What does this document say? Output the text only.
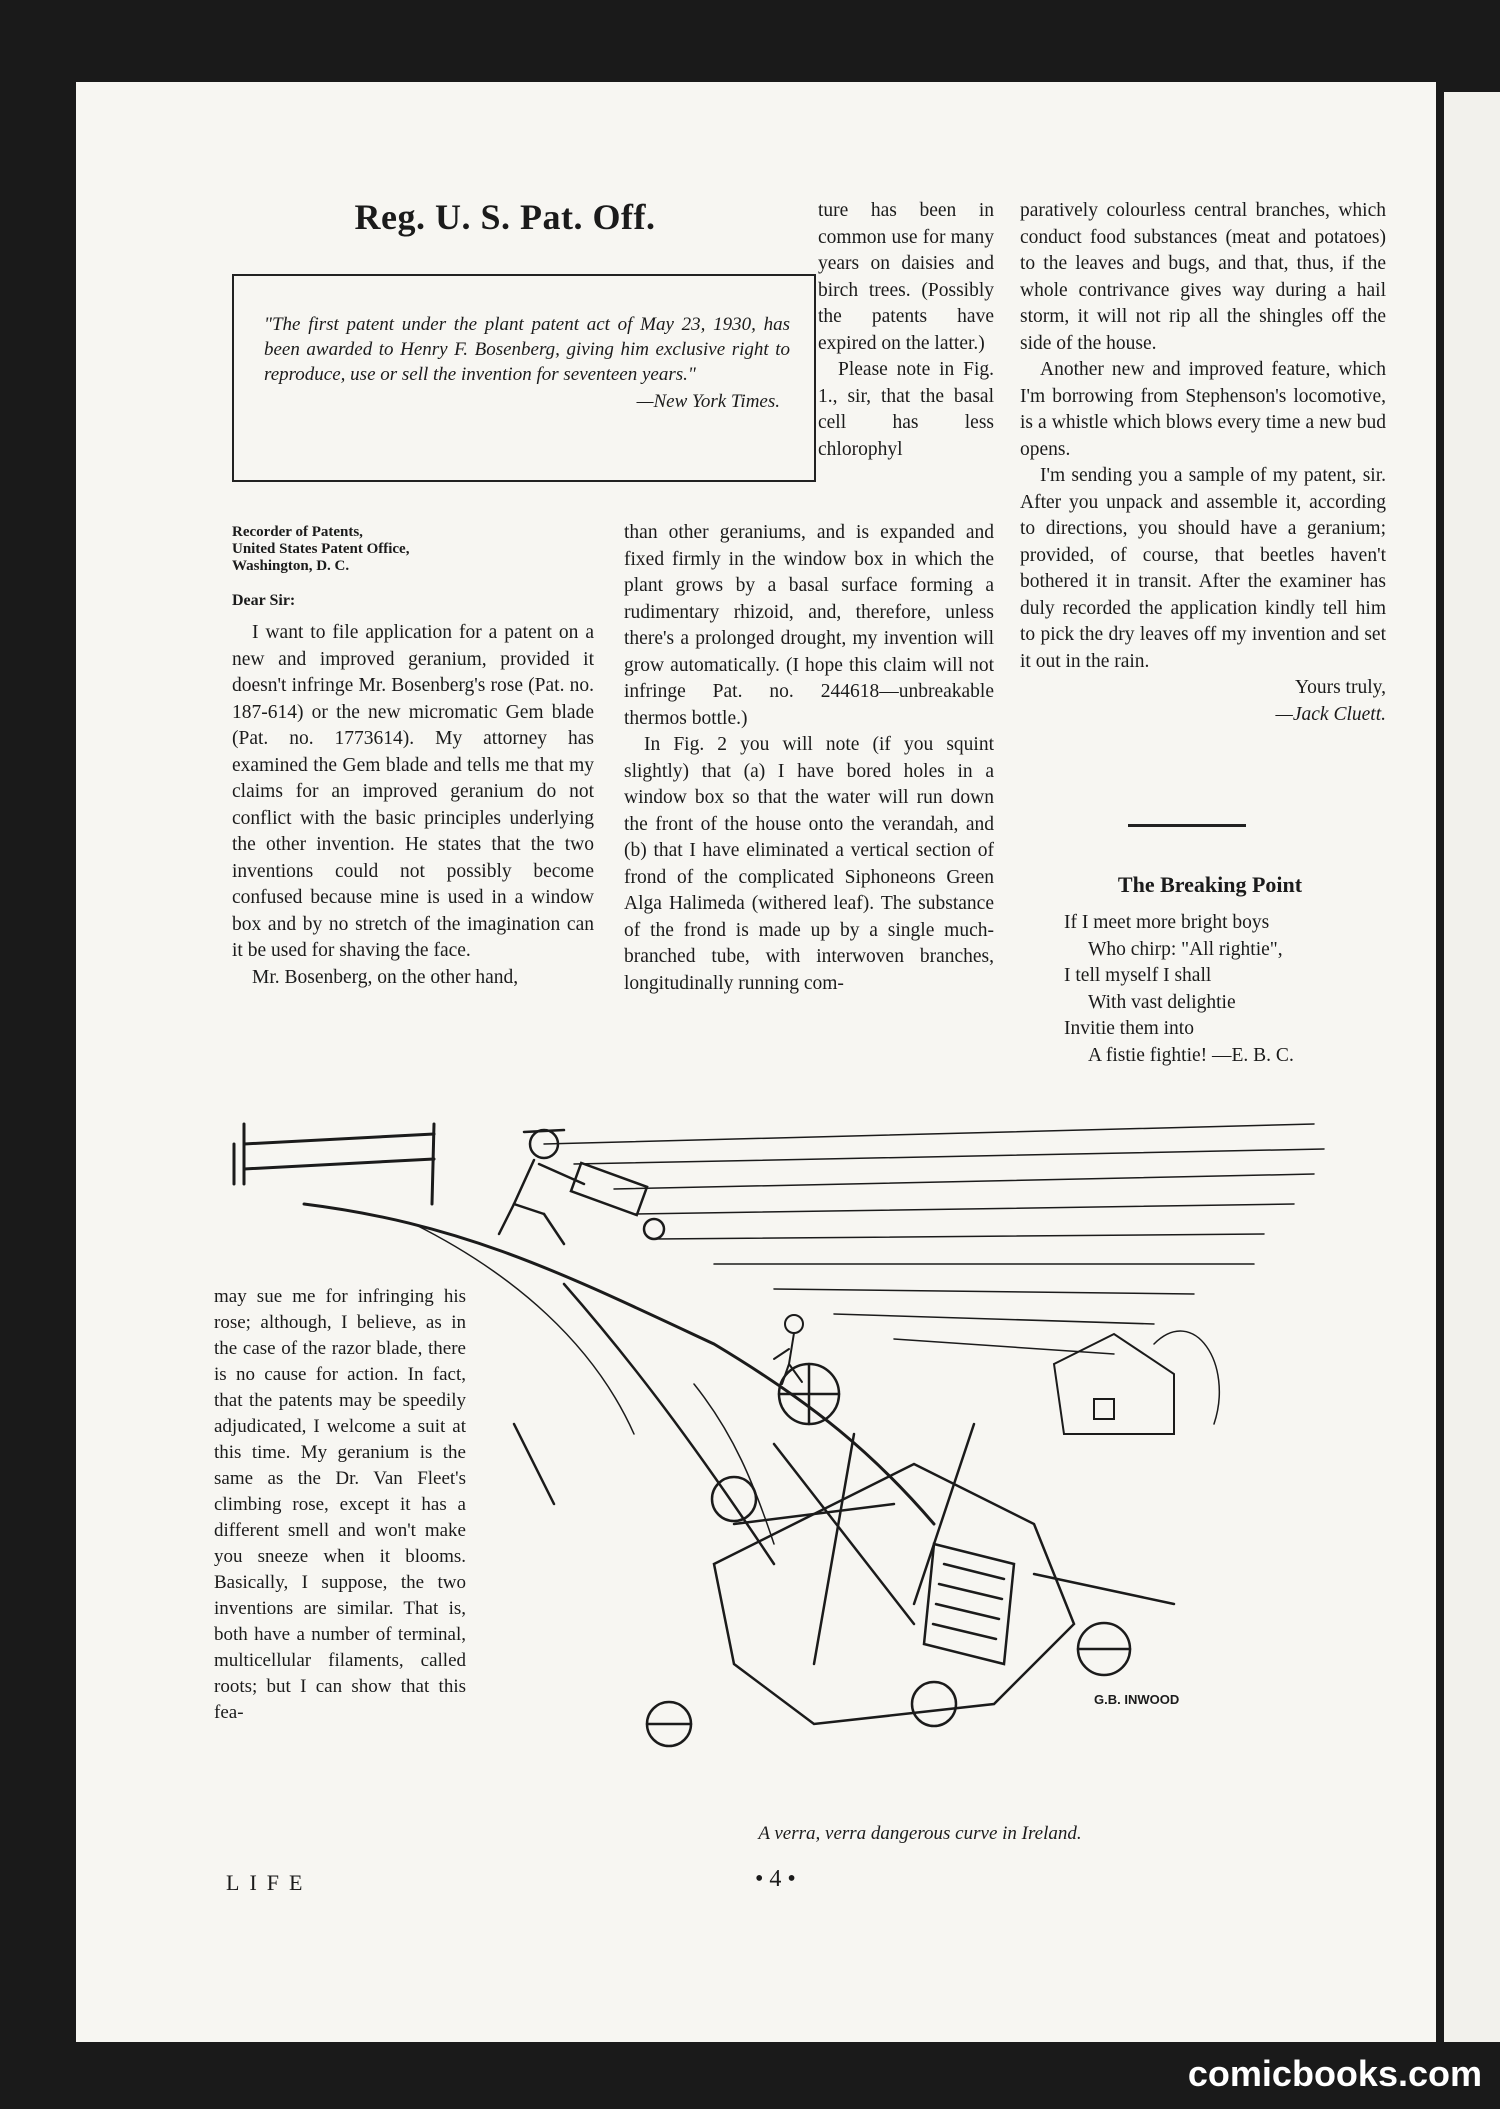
Reg. U. S. Pat. Off.

"The first patent under the plant patent act of May 23, 1930, has been awarded to Henry F. Bosenberg, giving him exclusive right to reproduce, use or sell the invention for seventeen years."

—New York Times.

Recorder of Patents,
United States Patent Office,
Washington, D. C.
Dear Sir:

I want to file application for a patent on a new and improved geranium, provided it doesn't infringe Mr. Bosenberg's rose (Pat. no. 187-614) or the new micromatic Gem blade (Pat. no. 1773614). My attorney has examined the Gem blade and tells me that my claims for an improved geranium do not conflict with the basic principles underlying the other invention. He states that the two inventions could not possibly become confused because mine is used in a window box and by no stretch of the imagination can it be used for shaving the face.

Mr. Bosenberg, on the other hand,

ture has been in common use for many years on daisies and birch trees. (Possibly the patents have expired on the latter.)

Please note in Fig. 1., sir, that the basal cell has less chlorophyl

than other geraniums, and is expanded and fixed firmly in the window box in which the plant grows by a basal surface forming a rudimentary rhizoid, and, therefore, unless there's a prolonged drought, my invention will grow automatically. (I hope this claim will not infringe Pat. no. 244618—unbreakable thermos bottle.)

In Fig. 2 you will note (if you squint slightly) that (a) I have bored holes in a window box so that the water will run down the front of the house onto the verandah, and (b) that I have eliminated a vertical section of frond of the complicated Siphoneons Green Alga Halimeda (withered leaf). The substance of the frond is made up by a single much-branched tube, with interwoven branches, longitudinally running com-

paratively colourless central branches, which conduct food substances (meat and potatoes) to the leaves and bugs, and that, thus, if the whole contrivance gives way during a hail storm, it will not rip all the shingles off the side of the house.

Another new and improved feature, which I'm borrowing from Stephenson's locomotive, is a whistle which blows every time a new bud opens.

I'm sending you a sample of my patent, sir. After you unpack and assemble it, according to directions, you should have a geranium; provided, of course, that beetles haven't bothered it in transit. After the examiner has duly recorded the application kindly tell him to pick the dry leaves off my invention and set it out in the rain.

Yours truly,

—Jack Cluett.

The Breaking Point
If I meet more bright boys
Who chirp: "All rightie",
I tell myself I shall
With vast delightie
Invitie them into
A fistie fightie! —E. B. C.
G.B. INWOOD

may sue me for infringing his rose; although, I believe, as in the case of the razor blade, there is no cause for action. In fact, that the patents may be speedily adjudicated, I welcome a suit at this time. My geranium is the same as the Dr. Van Fleet's climbing rose, except it has a different smell and won't make you sneeze when it blooms. Basically, I suppose, the two inventions are similar. That is, both have a number of terminal, multicellular filaments, called roots; but I can show that this fea-

A verra, verra dangerous curve in Ireland.
LIFE	• 4 •
comicbooks.com
